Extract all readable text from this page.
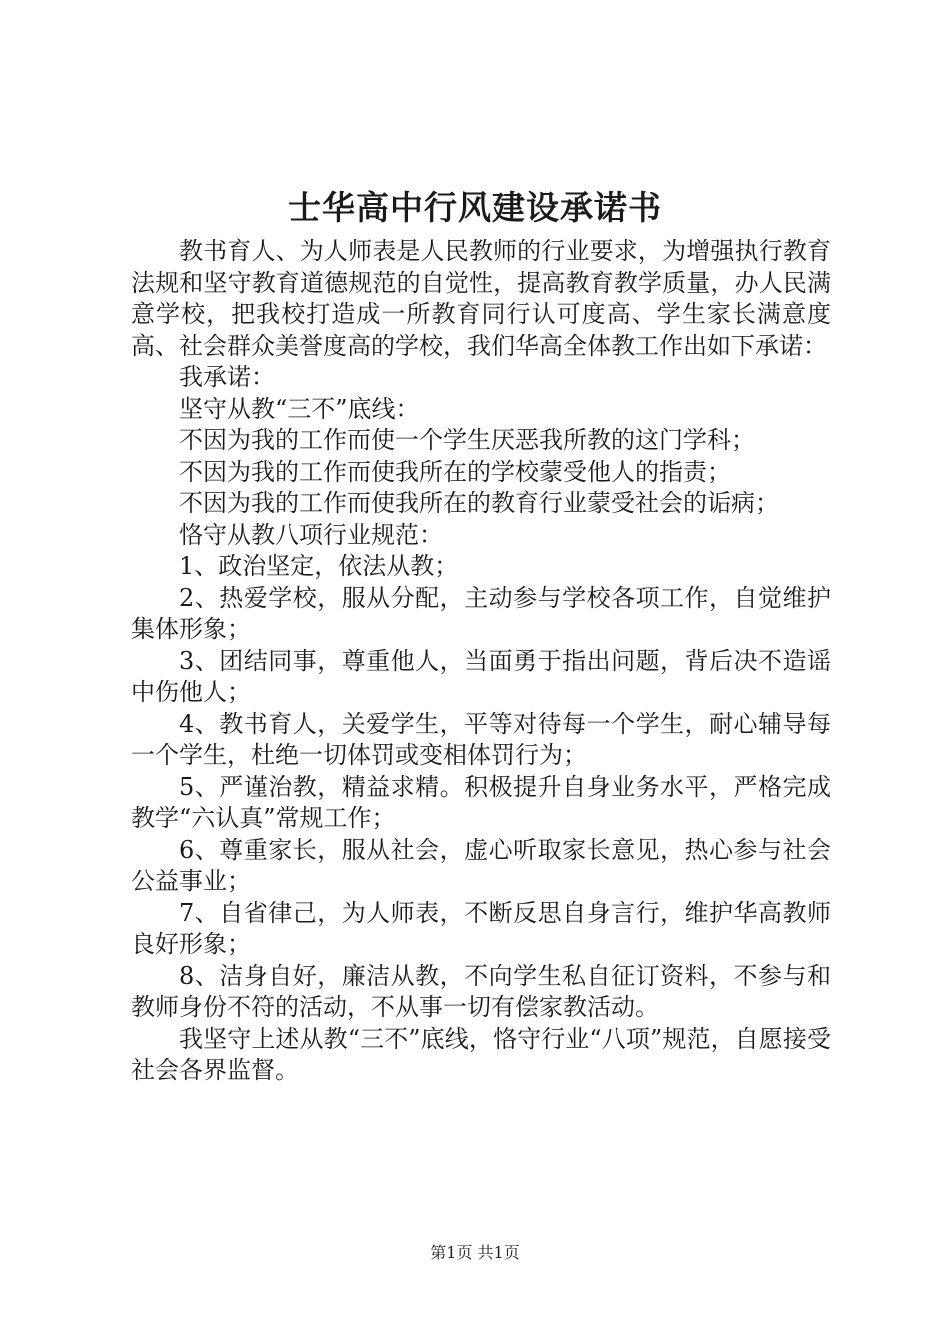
士华高中行风建设承诺书

教书育人、为人师表是人民教师的行业要求，为增强执行教育法规和坚守教育道德规范的自觉性，提高教育教学质量，办人民满意学校，把我校打造成一所教育同行认可度高、学生家长满意度高、社会群众美誉度高的学校，我们华高全体教工作出如下承诺：

我承诺：

坚守从教“三不”底线：

不因为我的工作而使一个学生厌恶我所教的这门学科；

不因为我的工作而使我所在的学校蒙受他人的指责；

不因为我的工作而使我所在的教育行业蒙受社会的诟病；

恪守从教八项行业规范：

1、政治坚定，依法从教；

2、热爱学校，服从分配，主动参与学校各项工作，自觉维护集体形象；

3、团结同事，尊重他人，当面勇于指出问题，背后决不造谣中伤他人；

4、教书育人，关爱学生，平等对待每一个学生，耐心辅导每一个学生，杜绝一切体罚或变相体罚行为；

5、严谨治教，精益求精。积极提升自身业务水平，严格完成教学“六认真”常规工作；

6、尊重家长，服从社会，虚心听取家长意见，热心参与社会公益事业；

7、自省律己，为人师表，不断反思自身言行，维护华高教师良好形象；

8、洁身自好，廉洁从教，不向学生私自征订资料，不参与和教师身份不符的活动，不从事一切有偿家教活动。

我坚守上述从教“三不”底线，恪守行业“八项”规范，自愿接受社会各界监督。

第1页 共1页
